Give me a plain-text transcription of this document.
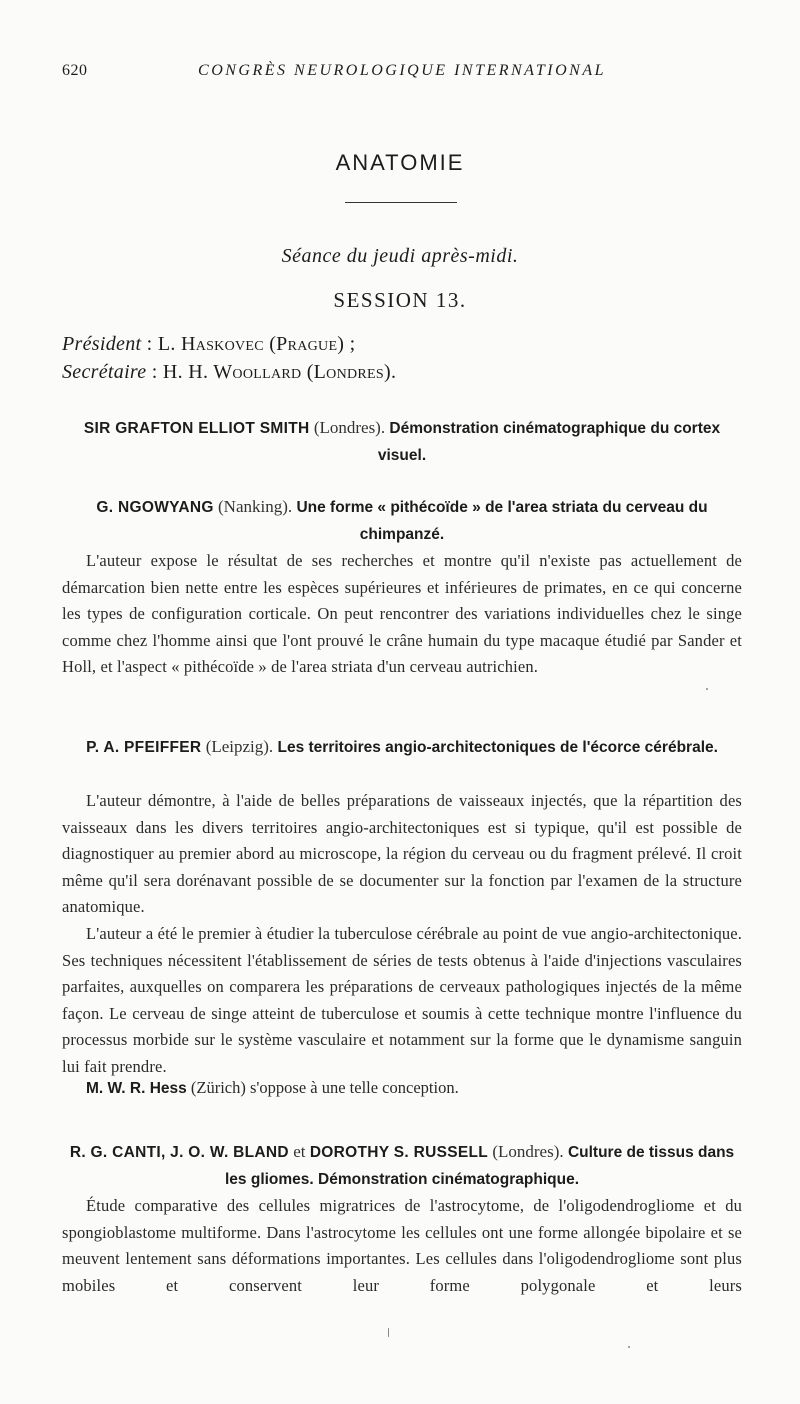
620	CONGRÈS NEUROLOGIQUE INTERNATIONAL
ANATOMIE
Séance du jeudi après-midi.
SESSION 13.
Président : L. Haskovec (Prague) ;
Secrétaire : H. H. Woollard (Londres).
SIR GRAFTON ELLIOT SMITH (Londres). Démonstration cinématographique du cortex visuel.
G. NGOWYANG (Nanking). Une forme « pithécoïde » de l'area striata du cerveau du chimpanzé.

L'auteur expose le résultat de ses recherches et montre qu'il n'existe pas actuellement de démarcation bien nette entre les espèces supérieures et inférieures de primates, en ce qui concerne les types de configuration corticale. On peut rencontrer des variations individuelles chez le singe comme chez l'homme ainsi que l'ont prouvé le crâne humain du type macaque étudié par Sander et Holl, et l'aspect « pithécoïde » de l'area striata d'un cerveau autrichien.

P. A. PFEIFFER (Leipzig). Les territoires angio-architectoniques de l'écorce cérébrale.

L'auteur démontre, à l'aide de belles préparations de vaisseaux injectés, que la répartition des vaisseaux dans les divers territoires angio-architectoniques est si typique, qu'il est possible de diagnostiquer au premier abord au microscope, la région du cerveau ou du fragment prélevé. Il croit même qu'il sera dorénavant possible de se documenter sur la fonction par l'examen de la structure anatomique.

L'auteur a été le premier à étudier la tuberculose cérébrale au point de vue angio-architectonique. Ses techniques nécessitent l'établissement de séries de tests obtenus à l'aide d'injections vasculaires parfaites, auxquelles on comparera les préparations de cerveaux pathologiques injectés de la même façon. Le cerveau de singe atteint de tuberculose et soumis à cette technique montre l'influence du processus morbide sur le système vasculaire et notamment sur la forme que le dynamisme sanguin lui fait prendre.

M. W. R. Hess (Zürich) s'oppose à une telle conception.
R. G. CANTI, J. O. W. BLAND et DOROTHY S. RUSSELL (Londres). Culture de tissus dans les gliomes. Démonstration cinématographique.

Étude comparative des cellules migratrices de l'astrocytome, de l'oligodendrogliome et du spongioblastome multiforme. Dans l'astrocytome les cellules ont une forme allongée bipolaire et se meuvent lentement sans déformations importantes. Les cellules dans l'oligodendrogliome sont plus mobiles et conservent leur forme polygonale et leurs
